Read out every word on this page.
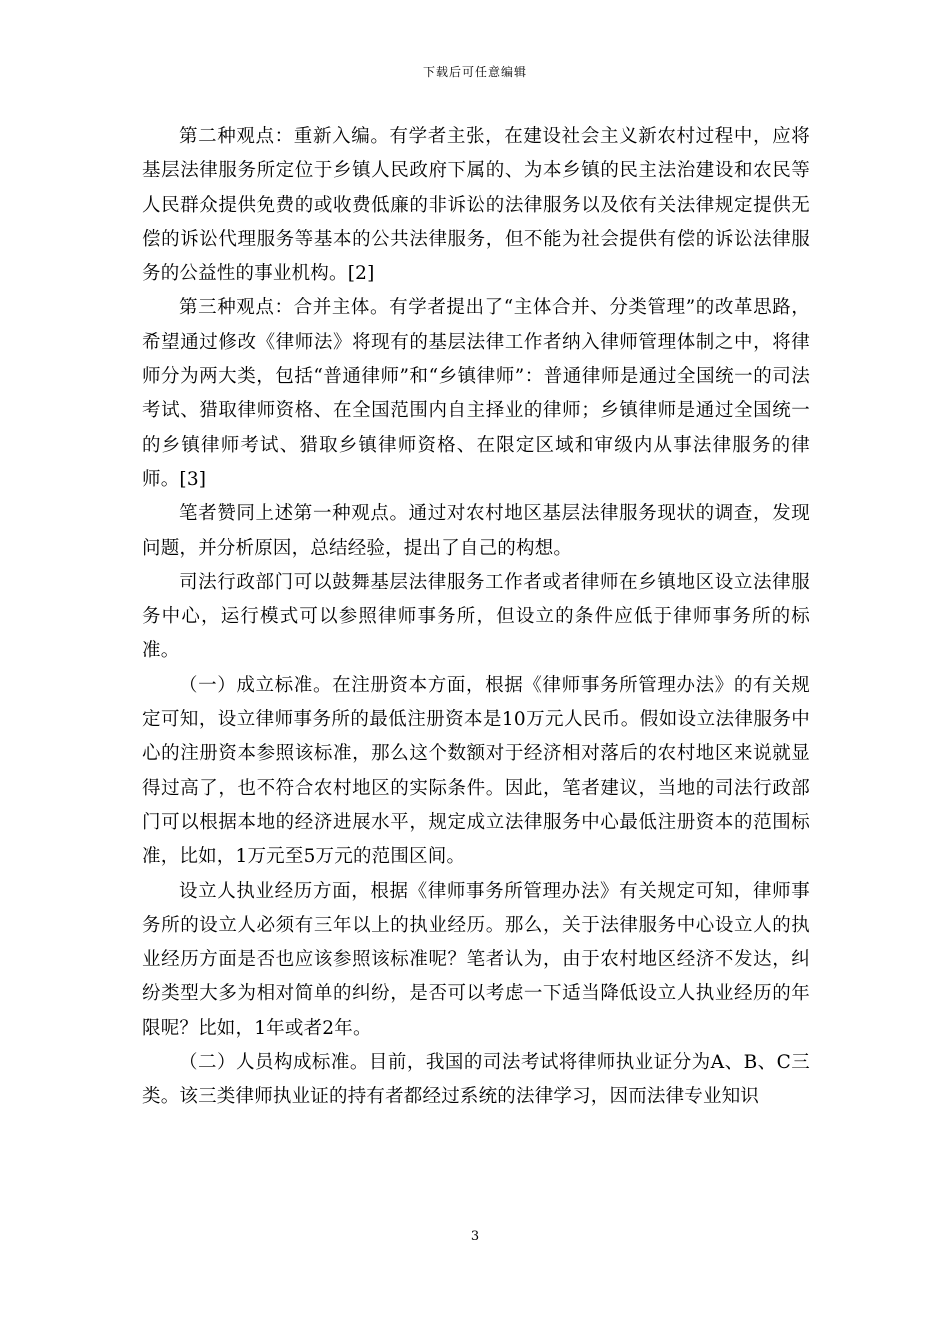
下载后可任意编辑

第二种观点：重新入编。有学者主张，在建设社会主义新农村过程中，应将基层法律服务所定位于乡镇人民政府下属的、为本乡镇的民主法治建设和农民等人民群众提供免费的或收费低廉的非诉讼的法律服务以及依有关法律规定提供无偿的诉讼代理服务等基本的公共法律服务，但不能为社会提供有偿的诉讼法律服务的公益性的事业机构。[2]

第三种观点：合并主体。有学者提出了“主体合并、分类管理”的改革思路，希望通过修改《律师法》将现有的基层法律工作者纳入律师管理体制之中，将律师分为两大类，包括“普通律师”和“乡镇律师”：普通律师是通过全国统一的司法考试、猎取律师资格、在全国范围内自主择业的律师；乡镇律师是通过全国统一的乡镇律师考试、猎取乡镇律师资格、在限定区域和审级内从事法律服务的律师。[3]

笔者赞同上述第一种观点。通过对农村地区基层法律服务现状的调查，发现问题，并分析原因，总结经验，提出了自己的构想。

司法行政部门可以鼓舞基层法律服务工作者或者律师在乡镇地区设立法律服务中心，运行模式可以参照律师事务所，但设立的条件应低于律师事务所的标准。

（一）成立标准。在注册资本方面，根据《律师事务所管理办法》的有关规定可知，设立律师事务所的最低注册资本是10万元人民币。假如设立法律服务中心的注册资本参照该标准，那么这个数额对于经济相对落后的农村地区来说就显得过高了，也不符合农村地区的实际条件。因此，笔者建议，当地的司法行政部门可以根据本地的经济进展水平，规定成立法律服务中心最低注册资本的范围标准，比如，1万元至5万元的范围区间。

设立人执业经历方面，根据《律师事务所管理办法》有关规定可知，律师事务所的设立人必须有三年以上的执业经历。那么，关于法律服务中心设立人的执业经历方面是否也应该参照该标准呢？笔者认为，由于农村地区经济不发达，纠纷类型大多为相对简单的纠纷，是否可以考虑一下适当降低设立人执业经历的年限呢？比如，1年或者2年。

（二）人员构成标准。目前，我国的司法考试将律师执业证分为A、B、C三类。该三类律师执业证的持有者都经过系统的法律学习，因而法律专业知识

3
